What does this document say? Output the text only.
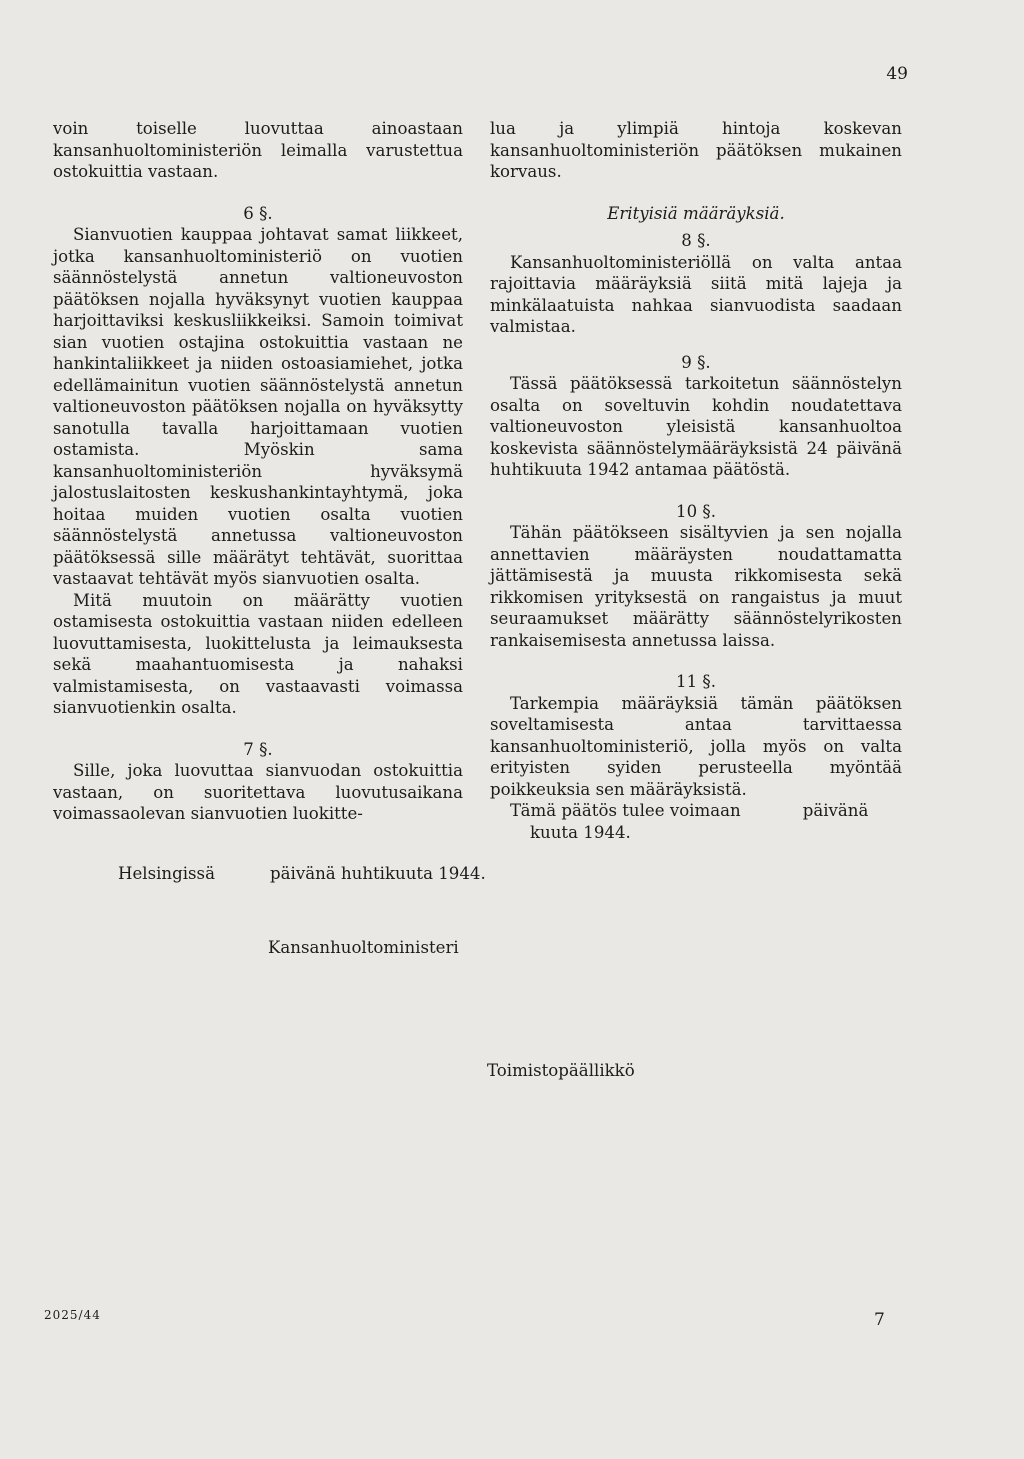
49

voin toiselle luovuttaa ainoastaan kansanhuoltoministeriön leimalla varustettua ostokuittia vastaan.

6 §.

Sianvuotien kauppaa johtavat samat liikkeet, jotka kansanhuoltoministeriö on vuotien säännöstelystä annetun valtioneuvoston päätöksen nojalla hyväksynyt vuotien kauppaa harjoittaviksi keskusliikkeiksi. Samoin toimivat sian vuotien ostajina ostokuittia vastaan ne hankintaliikkeet ja niiden ostoasiamiehet, jotka edellämainitun vuotien säännöstelystä annetun valtioneuvoston päätöksen nojalla on hyväksytty sanotulla tavalla harjoittamaan vuotien ostamista. Myöskin sama kansanhuoltoministeriön hyväksymä jalostuslaitosten keskushankintayhtymä, joka hoitaa muiden vuotien osalta vuotien säännöstelystä annetussa valtioneuvoston päätöksessä sille määrätyt tehtävät, suorittaa vastaavat tehtävät myös sianvuotien osalta.

Mitä muutoin on määrätty vuotien ostamisesta ostokuittia vastaan niiden edelleen luovuttamisesta, luokittelusta ja leimauksesta sekä maahantuomisesta ja nahaksi valmistamisesta, on vastaavasti voimassa sianvuotienkin osalta.

7 §.

Sille, joka luovuttaa sianvuodan ostokuittia vastaan, on suoritettava luovutusaikana voimassaolevan sianvuotien luokitte-

lua ja ylimpiä hintoja koskevan kansanhuoltoministeriön päätöksen mukainen korvaus.

Erityisiä määräyksiä.

8 §.

Kansanhuoltoministeriöllä on valta antaa rajoittavia määräyksiä siitä mitä lajeja ja minkälaatuista nahkaa sianvuodista saadaan valmistaa.

9 §.

Tässä päätöksessä tarkoitetun säännöstelyn osalta on soveltuvin kohdin noudatettava valtioneuvoston yleisistä kansanhuoltoa koskevista säännöstelymääräyksistä 24 päivänä huhtikuuta 1942 antamaa päätöstä.

10 §.

Tähän päätökseen sisältyvien ja sen nojalla annettavien määräysten noudattamatta jättämisestä ja muusta rikkomisesta sekä rikkomisen yrityksestä on rangaistus ja muut seuraamukset määrätty säännöstelyrikosten rankaisemisesta annetussa laissa.

11 §.

Tarkempia määräyksiä tämän päätöksen soveltamisesta antaa tarvittaessa kansanhuoltoministeriö, jolla myös on valta erityisten syiden perusteella myöntää poikkeuksia sen määräyksistä.

Tämä päätös tulee voimaan	päivänä
kuuta 1944.

Helsingissä	päivänä huhtikuuta 1944.
Kansanhuoltoministeri
Toimistopäällikkö
2025/44	7
